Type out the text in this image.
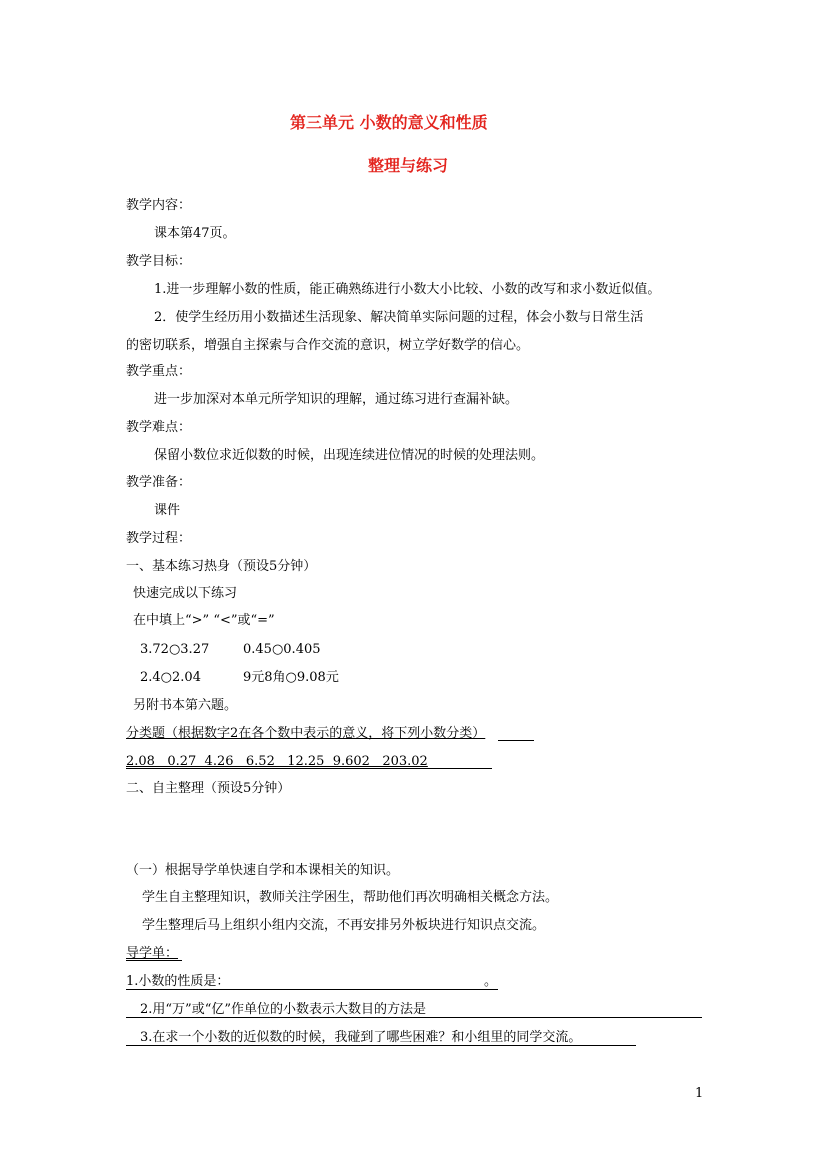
第三单元 小数的意义和性质
整理与练习
教学内容：
课本第47页。
教学目标：
1.进一步理解小数的性质，能正确熟练进行小数大小比较、小数的改写和求小数近似值。
2．使学生经历用小数描述生活现象、解决简单实际问题的过程，体会小数与日常生活
的密切联系，增强自主探索与合作交流的意识，树立学好数学的信心。
教学重点：
进一步加深对本单元所学知识的理解，通过练习进行查漏补缺。
教学难点：
保留小数位求近似数的时候，出现连续进位情况的时候的处理法则。
教学准备：
课件
教学过程：
一、基本练习热身（预设5分钟）
快速完成以下练习
在中填上“>” “<”或“=”
3.72○3.27	0.45○0.405
2.4○2.04	9元8角○9.08元
另附书本第六题。
分类题（根据数字2在各个数中表示的意义，将下列小数分类）
2.08   0.27  4.26   6.52   12.25  9.602   203.02
二、自主整理（预设5分钟）
（一）根据导学单快速自学和本课相关的知识。
学生自主整理知识，教师关注学困生，帮助他们再次明确相关概念方法。
学生整理后马上组织小组内交流，不再安排另外板块进行知识点交流。
导学单：
1.小数的性质是：	。
2.用“万”或“亿”作单位的小数表示大数目的方法是
3.在求一个小数的近似数的时候，我碰到了哪些困难？和小组里的同学交流。
1
